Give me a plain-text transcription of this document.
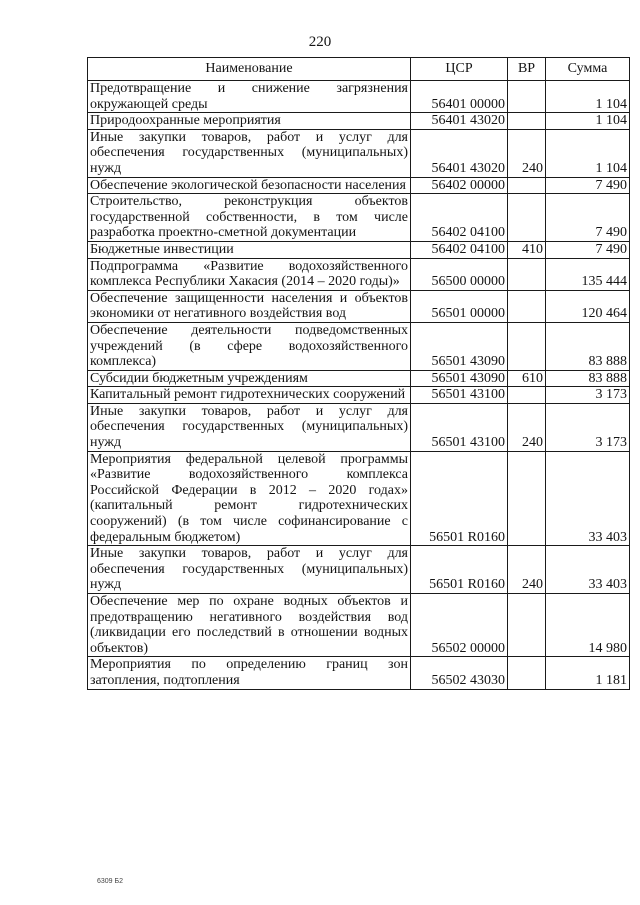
220
Наименование	ЦСР	ВР	Сумма
Предотвращение и снижение загрязнения окружающей среды	56401 00000		1 104
Природоохранные мероприятия	56401 43020		1 104
Иные закупки товаров, работ и услуг для обеспечения государственных (муниципальных) нужд	56401 43020	240	1 104
Обеспечение экологической безопасности населения	56402 00000		7 490
Строительство, реконструкция объектов государственной собственности, в том числе разработка проектно-сметной документации	56402 04100		7 490
Бюджетные инвестиции	56402 04100	410	7 490
Подпрограмма «Развитие водохозяйственного комплекса Республики Хакасия (2014 – 2020 годы)»	56500 00000		135 444
Обеспечение защищенности населения и объектов экономики от негативного воздействия вод	56501 00000		120 464
Обеспечение деятельности подведомственных учреждений (в сфере водохозяйственного комплекса)	56501 43090		83 888
Субсидии бюджетным учреждениям	56501 43090	610	83 888
Капитальный ремонт гидротехнических сооружений	56501 43100		3 173
Иные закупки товаров, работ и услуг для обеспечения государственных (муниципальных) нужд	56501 43100	240	3 173
Мероприятия федеральной целевой программы «Развитие водохозяйственного комплекса Российской Федерации в 2012 – 2020 годах» (капитальный ремонт гидротехнических сооружений) (в том числе софинансирование с федеральным бюджетом)	56501 R0160		33 403
Иные закупки товаров, работ и услуг для обеспечения государственных (муниципальных) нужд	56501 R0160	240	33 403
Обеспечение мер по охране водных объектов и предотвращению негативного воздействия вод (ликвидации его последствий в отношении водных объектов)	56502 00000		14 980
Мероприятия по определению границ зон затопления, подтопления	56502 43030		1 181
6309 Б2
